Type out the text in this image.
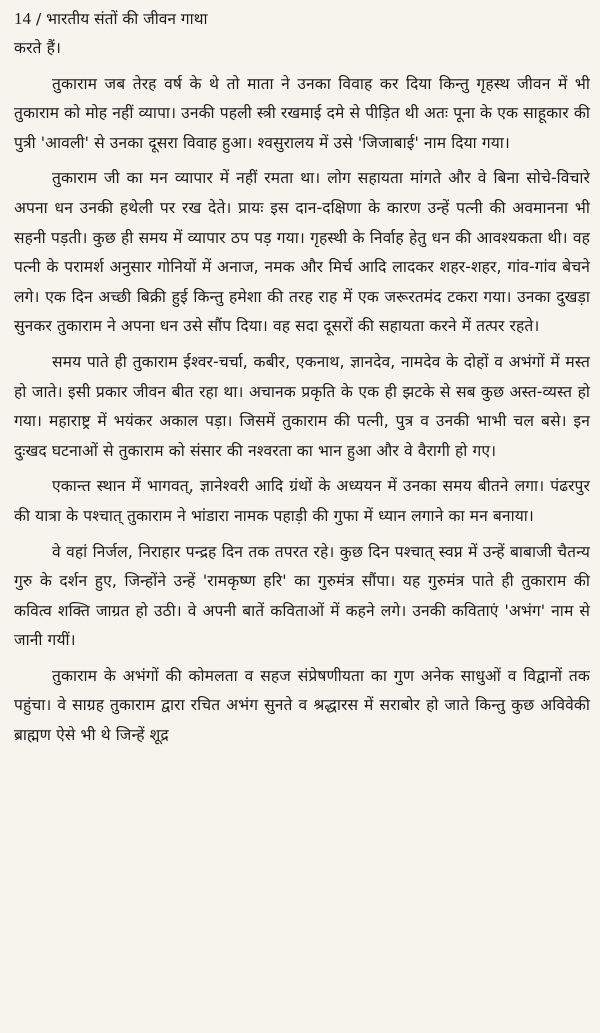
14 / भारतीय संतों की जीवन गाथा

करते हैं।

तुकाराम जब तेरह वर्ष के थे तो माता ने उनका विवाह कर दिया किन्तु गृहस्थ जीवन में भी तुकाराम को मोह नहीं व्यापा। उनकी पहली स्त्री रखमाई दमे से पीड़ित थी अतः पूना के एक साहूकार की पुत्री 'आवली' से उनका दूसरा विवाह हुआ। श्वसुरालय में उसे 'जिजाबाई' नाम दिया गया।

तुकाराम जी का मन व्यापार में नहीं रमता था। लोग सहायता मांगते और वे बिना सोचे-विचारे अपना धन उनकी हथेली पर रख देते। प्रायः इस दान-दक्षिणा के कारण उन्हें पत्नी की अवमानना भी सहनी पड़ती। कुछ ही समय में व्यापार ठप पड़ गया। गृहस्थी के निर्वाह हेतु धन की आवश्यकता थी। वह पत्नी के परामर्श अनुसार गोनियों में अनाज, नमक और मिर्च आदि लादकर शहर-शहर, गांव-गांव बेचने लगे। एक दिन अच्छी बिक्री हुई किन्तु हमेशा की तरह राह में एक जरूरतमंद टकरा गया। उनका दुखड़ा सुनकर तुकाराम ने अपना धन उसे सौंप दिया। वह सदा दूसरों की सहायता करने में तत्पर रहते।

समय पाते ही तुकाराम ईश्वर-चर्चा, कबीर, एकनाथ, ज्ञानदेव, नामदेव के दोहों व अभंगों में मस्त हो जाते। इसी प्रकार जीवन बीत रहा था। अचानक प्रकृति के एक ही झटके से सब कुछ अस्त-व्यस्त हो गया। महाराष्ट्र में भयंकर अकाल पड़ा। जिसमें तुकाराम की पत्नी, पुत्र व उनकी भाभी चल बसे। इन दुःखद घटनाओं से तुकाराम को संसार की नश्वरता का भान हुआ और वे वैरागी हो गए।

एकान्त स्थान में भागवत्, ज्ञानेश्वरी आदि ग्रंथों के अध्ययन में उनका समय बीतने लगा। पंढरपुर की यात्रा के पश्चात् तुकाराम ने भांडारा नामक पहाड़ी की गुफा में ध्यान लगाने का मन बनाया।

वे वहां निर्जल, निराहार पन्द्रह दिन तक तपरत रहे। कुछ दिन पश्चात् स्वप्न में उन्हें बाबाजी चैतन्य गुरु के दर्शन हुए, जिन्होंने उन्हें 'रामकृष्ण हरि' का गुरुमंत्र सौंपा। यह गुरुमंत्र पाते ही तुकाराम की कवित्व शक्ति जाग्रत हो उठी। वे अपनी बातें कविताओं में कहने लगे। उनकी कविताएं 'अभंग' नाम से जानी गयीं।

तुकाराम के अभंगों की कोमलता व सहज संप्रेषणीयता का गुण अनेक साधुओं व विद्वानों तक पहुंचा। वे साग्रह तुकाराम द्वारा रचित अभंग सुनते व श्रद्धारस में सराबोर हो जाते किन्तु कुछ अविवेकी ब्राह्मण ऐसे भी थे जिन्हें शूद्र
